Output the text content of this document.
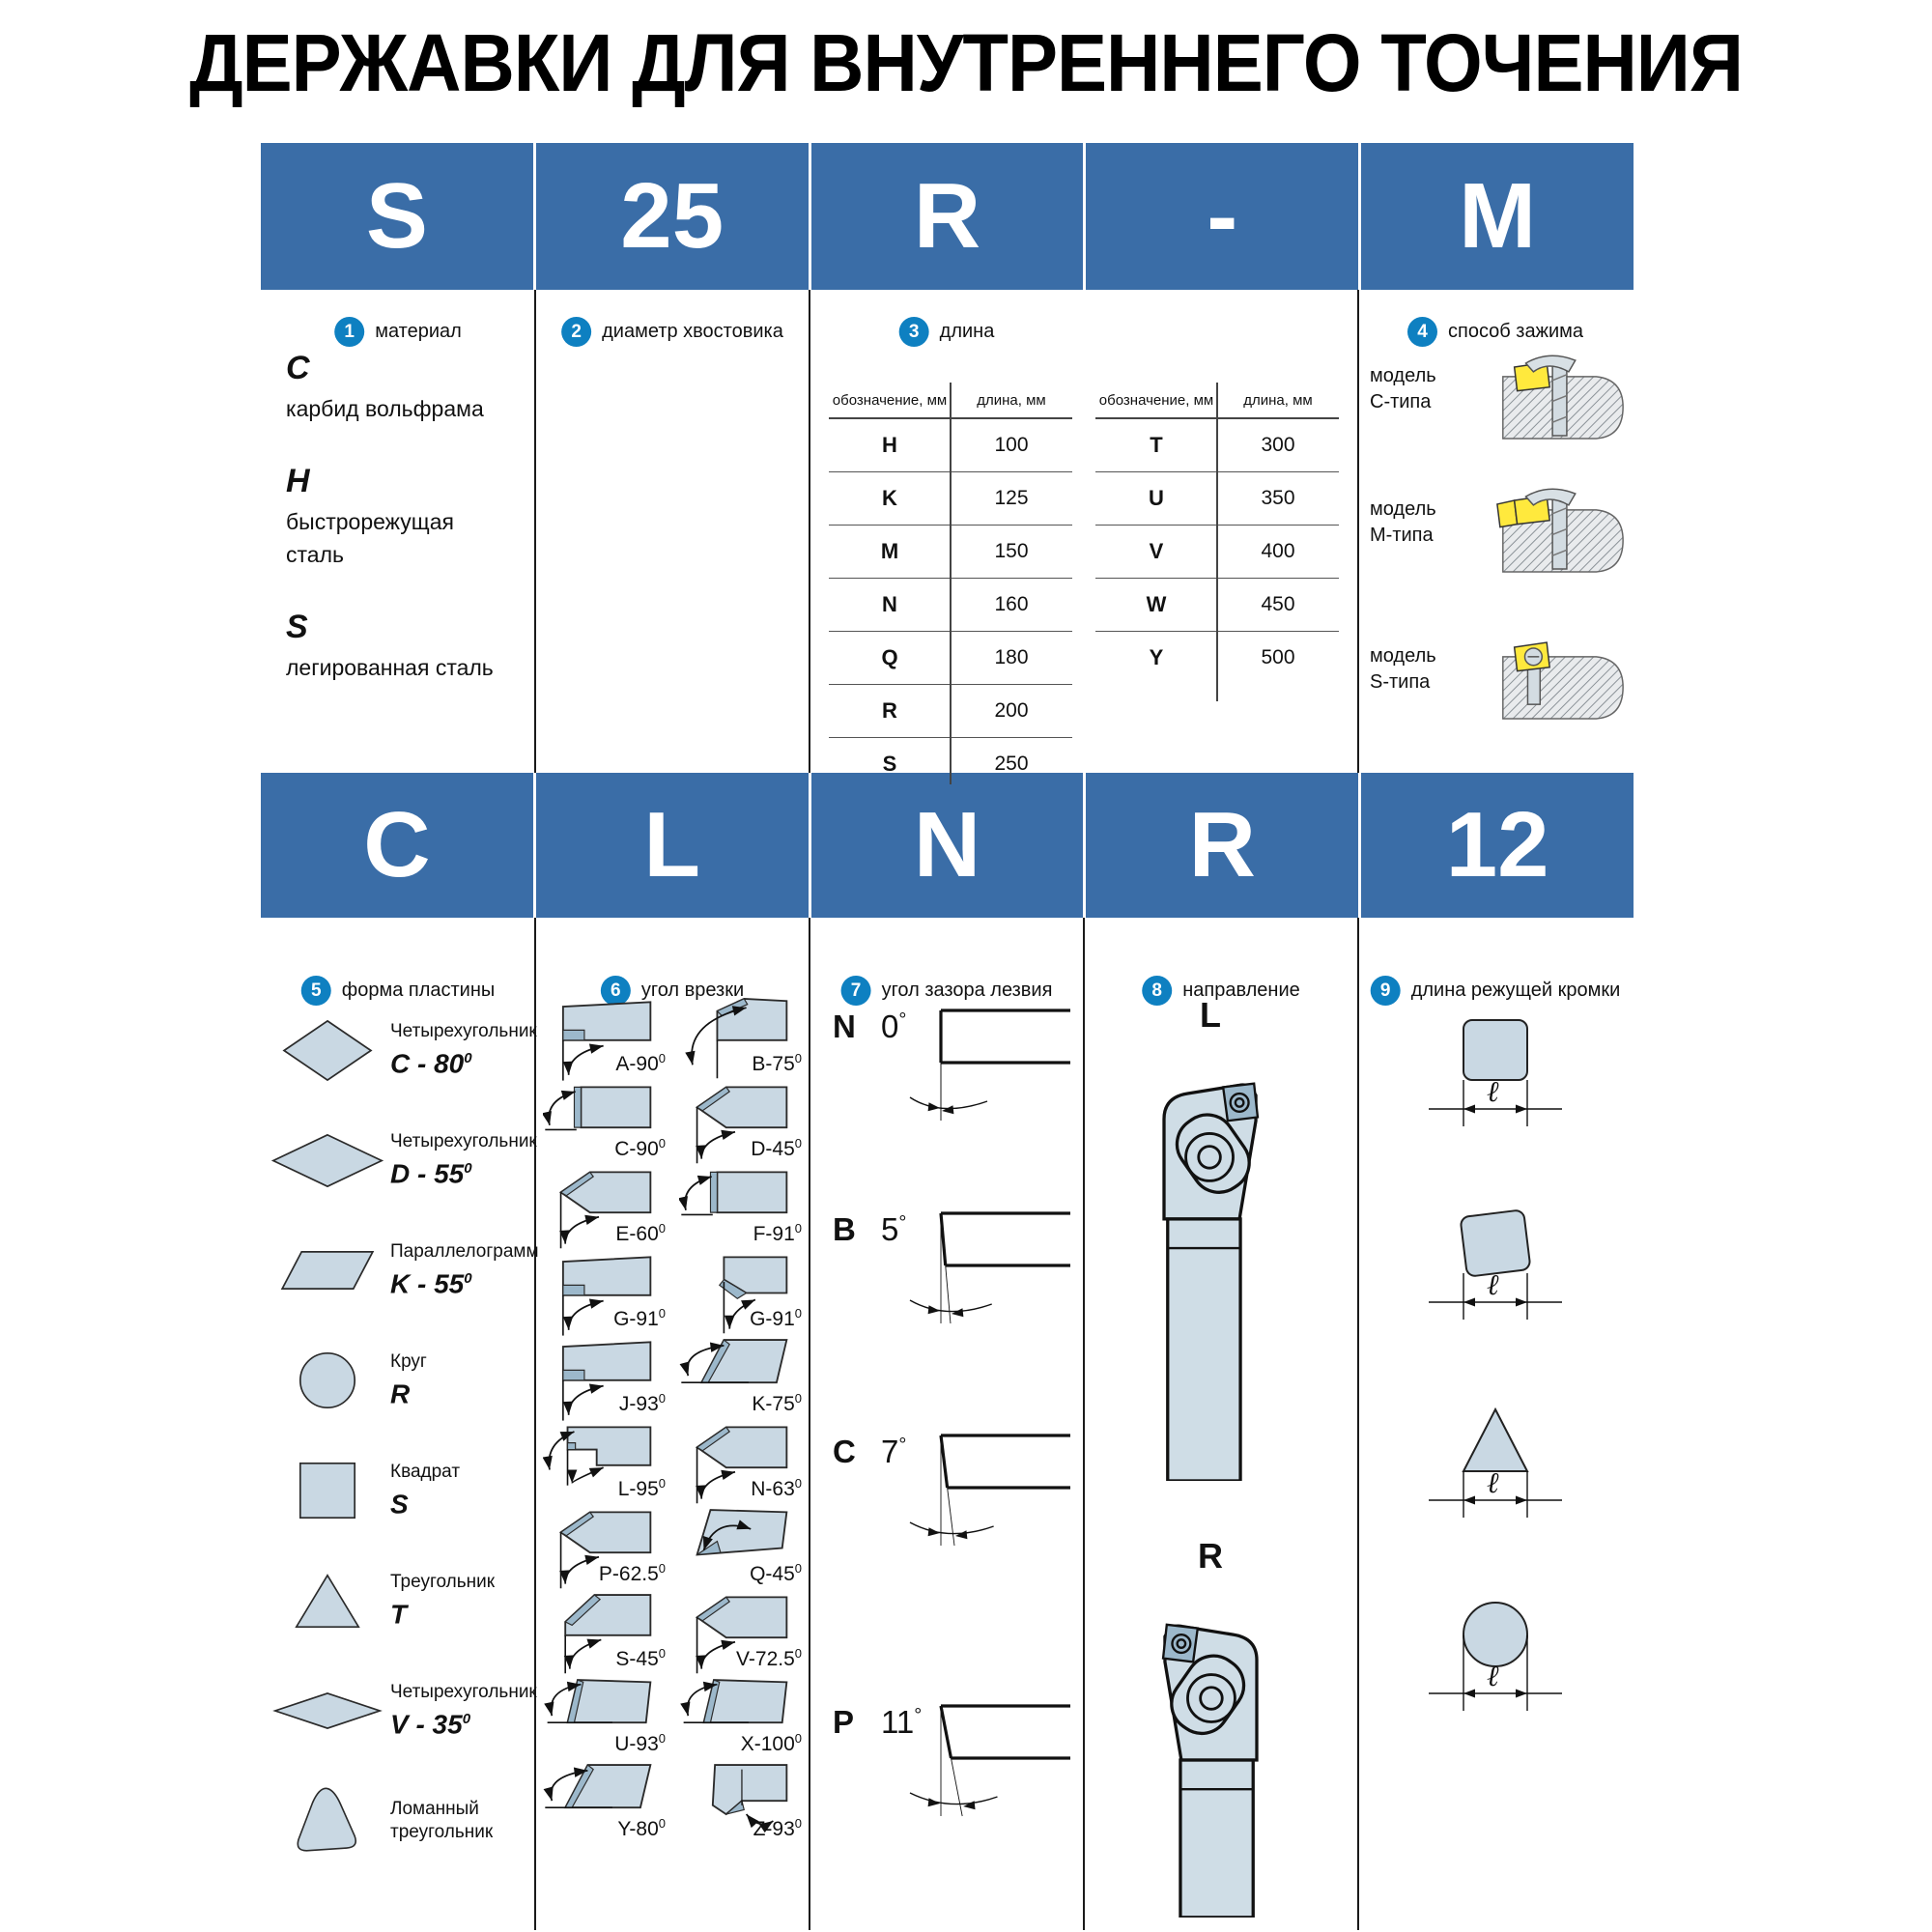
ДЕРЖАВКИ ДЛЯ ВНУТРЕННЕГО ТОЧЕНИЯ
S	25	R	-	M
C	L	N	R	12
1	материал	2	диаметр хвостовика	3	длина	4	способ зажима
5	форма пластины	6	угол врезки	7	угол зазора лезвия	8	направление	9	длина режущей кромки
C
карбид вольфрама
H
быстрорежущая сталь
S
легированная сталь
обозначение, мм	длина, мм
H	100
K	125
M	150
N	160
Q	180
R	200
S	250
обозначение, мм	длина, мм
T	300
U	350
V	400
W	450
Y	500
модель
C-типа
модель
M-типа
модель
S-типа
Четырехугольник
C - $80^0$
Четырехугольник
D - $55^0$
Параллелограмм
K - $55^0$
Круг
R
Квадрат
S
Треугольник
T
Четырехугольник
V - $35^0$
Ломанный
треугольник
$A-90^0$	$B-75^0$
$C-90^0$	$D-45^0$
$E-60^0$	$F-91^0$
$G-91^0$	$G-91^0$
$J-93^0$	$K-75^0$
$L-95^0$	$N-63^0$
P-62.5$^0$	$Q-45^0$
$S-45^0$	V-72.5$^0$
$U-93^0$	$X-100^0$
$Y-80^0$	$Z-93^0$
N 0°
B 5°
C 7°
P 11°
L
R
ℓ
ℓ
ℓ
ℓ
